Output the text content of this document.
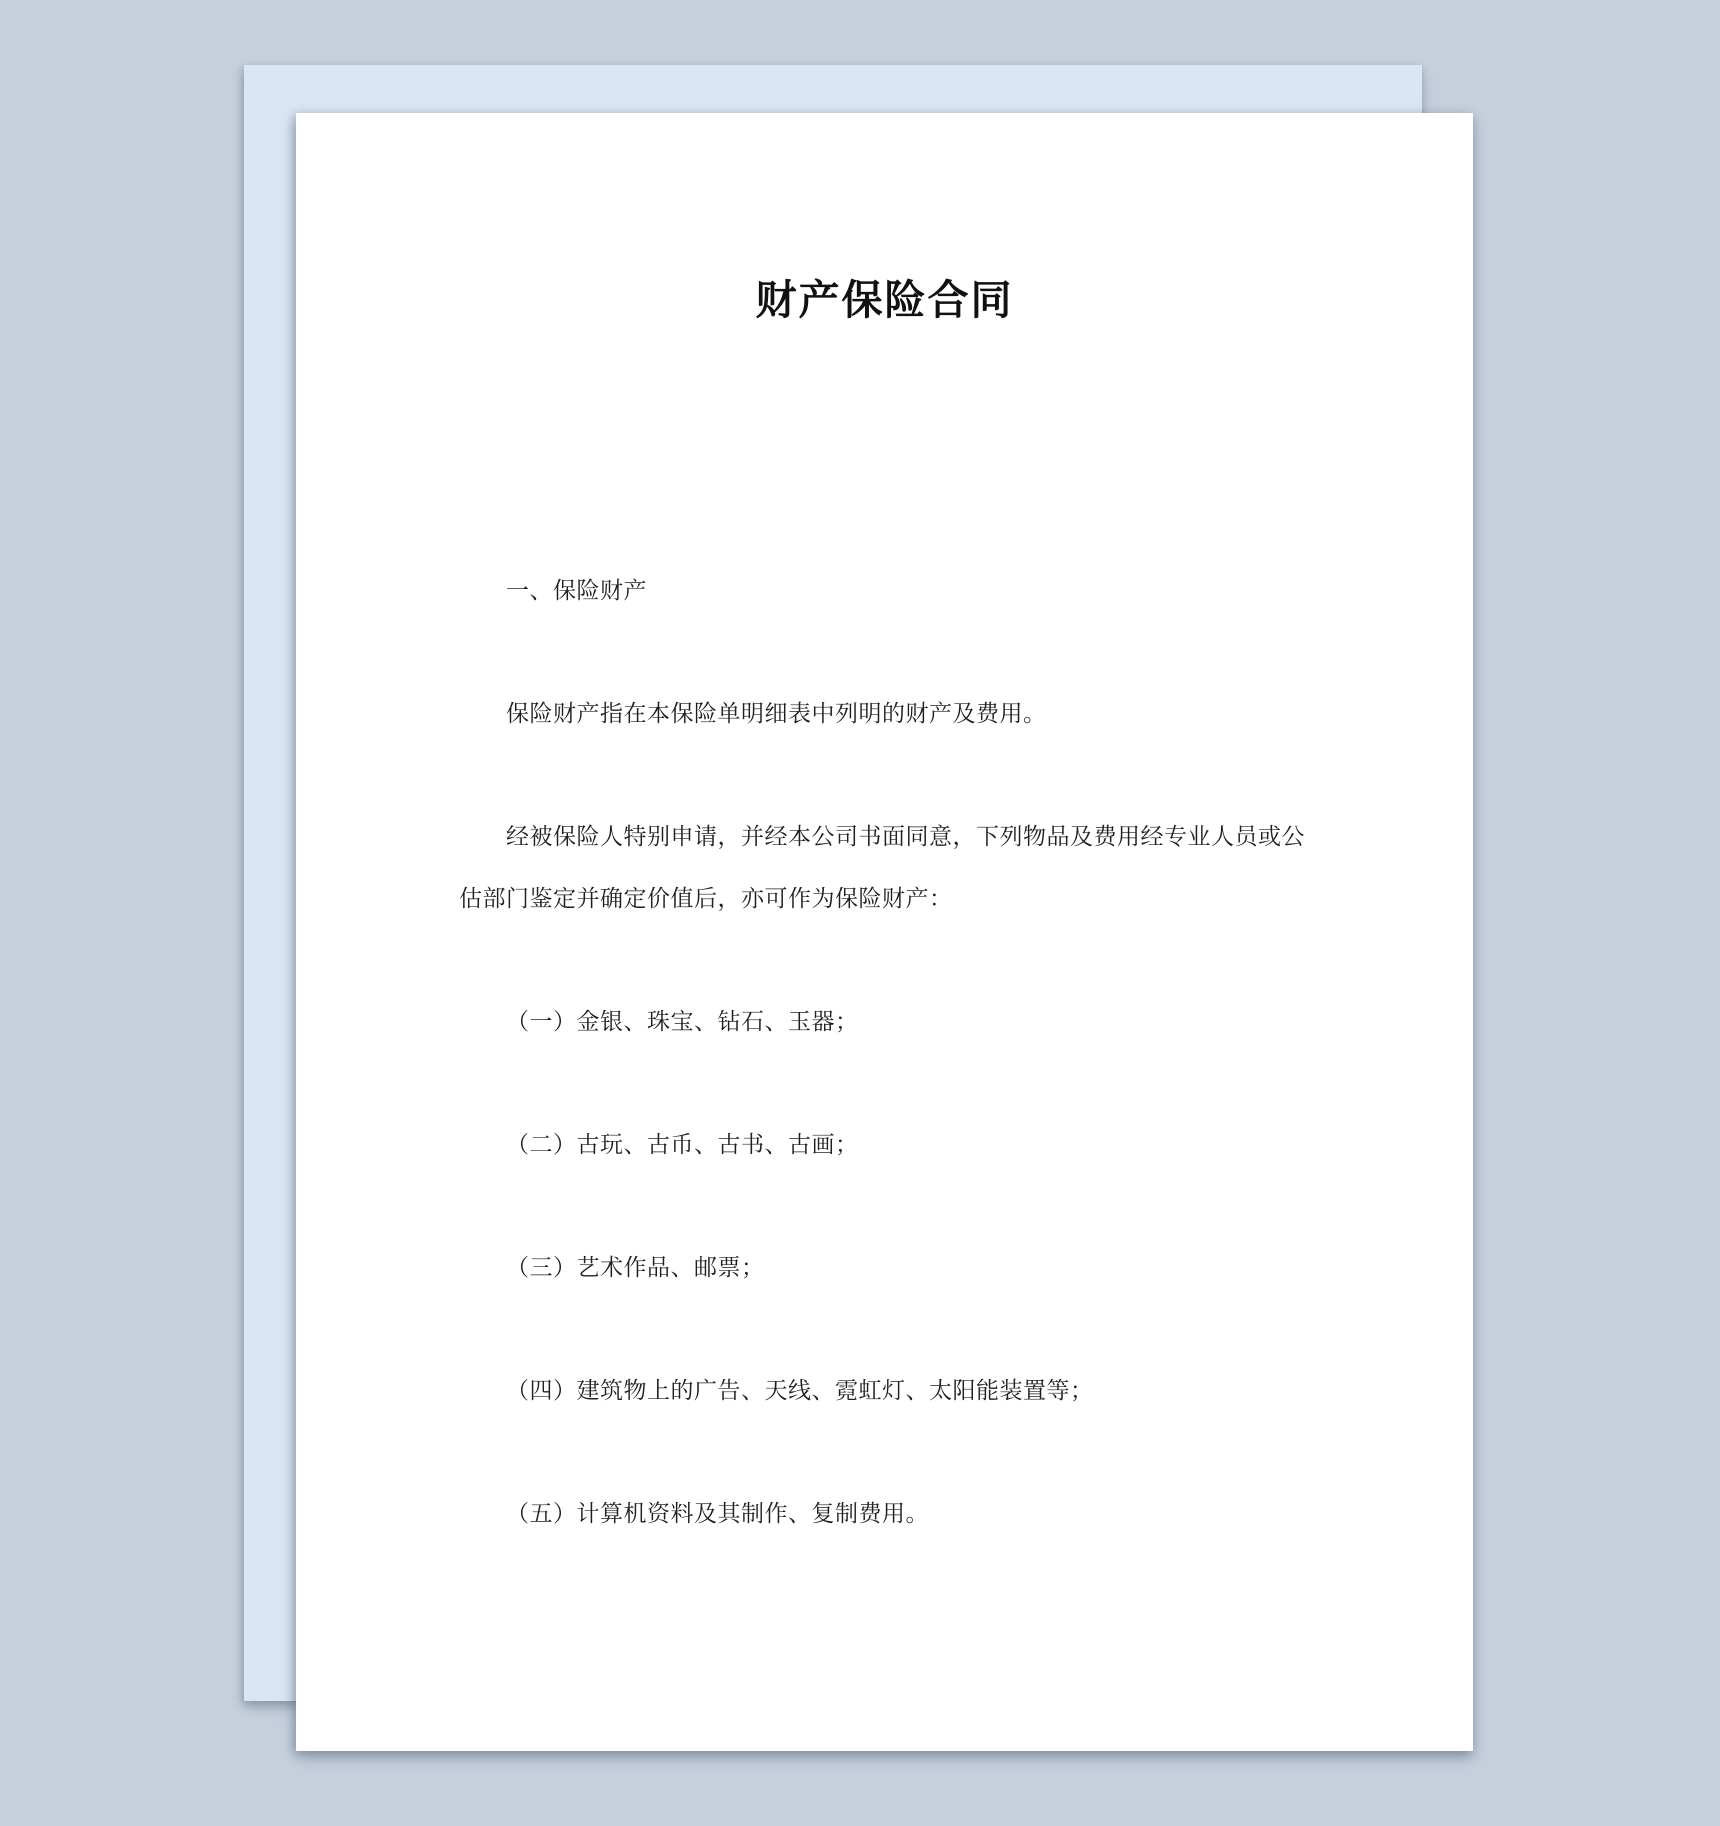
财产保险合同
一、保险财产
保险财产指在本保险单明细表中列明的财产及费用。
经被保险人特别申请，并经本公司书面同意，下列物品及费用经专业人员或公
估部门鉴定并确定价值后，亦可作为保险财产：
（一）金银、珠宝、钻石、玉器；
（二）古玩、古币、古书、古画；
（三）艺术作品、邮票；
（四）建筑物上的广告、天线、霓虹灯、太阳能装置等；
（五）计算机资料及其制作、复制费用。
